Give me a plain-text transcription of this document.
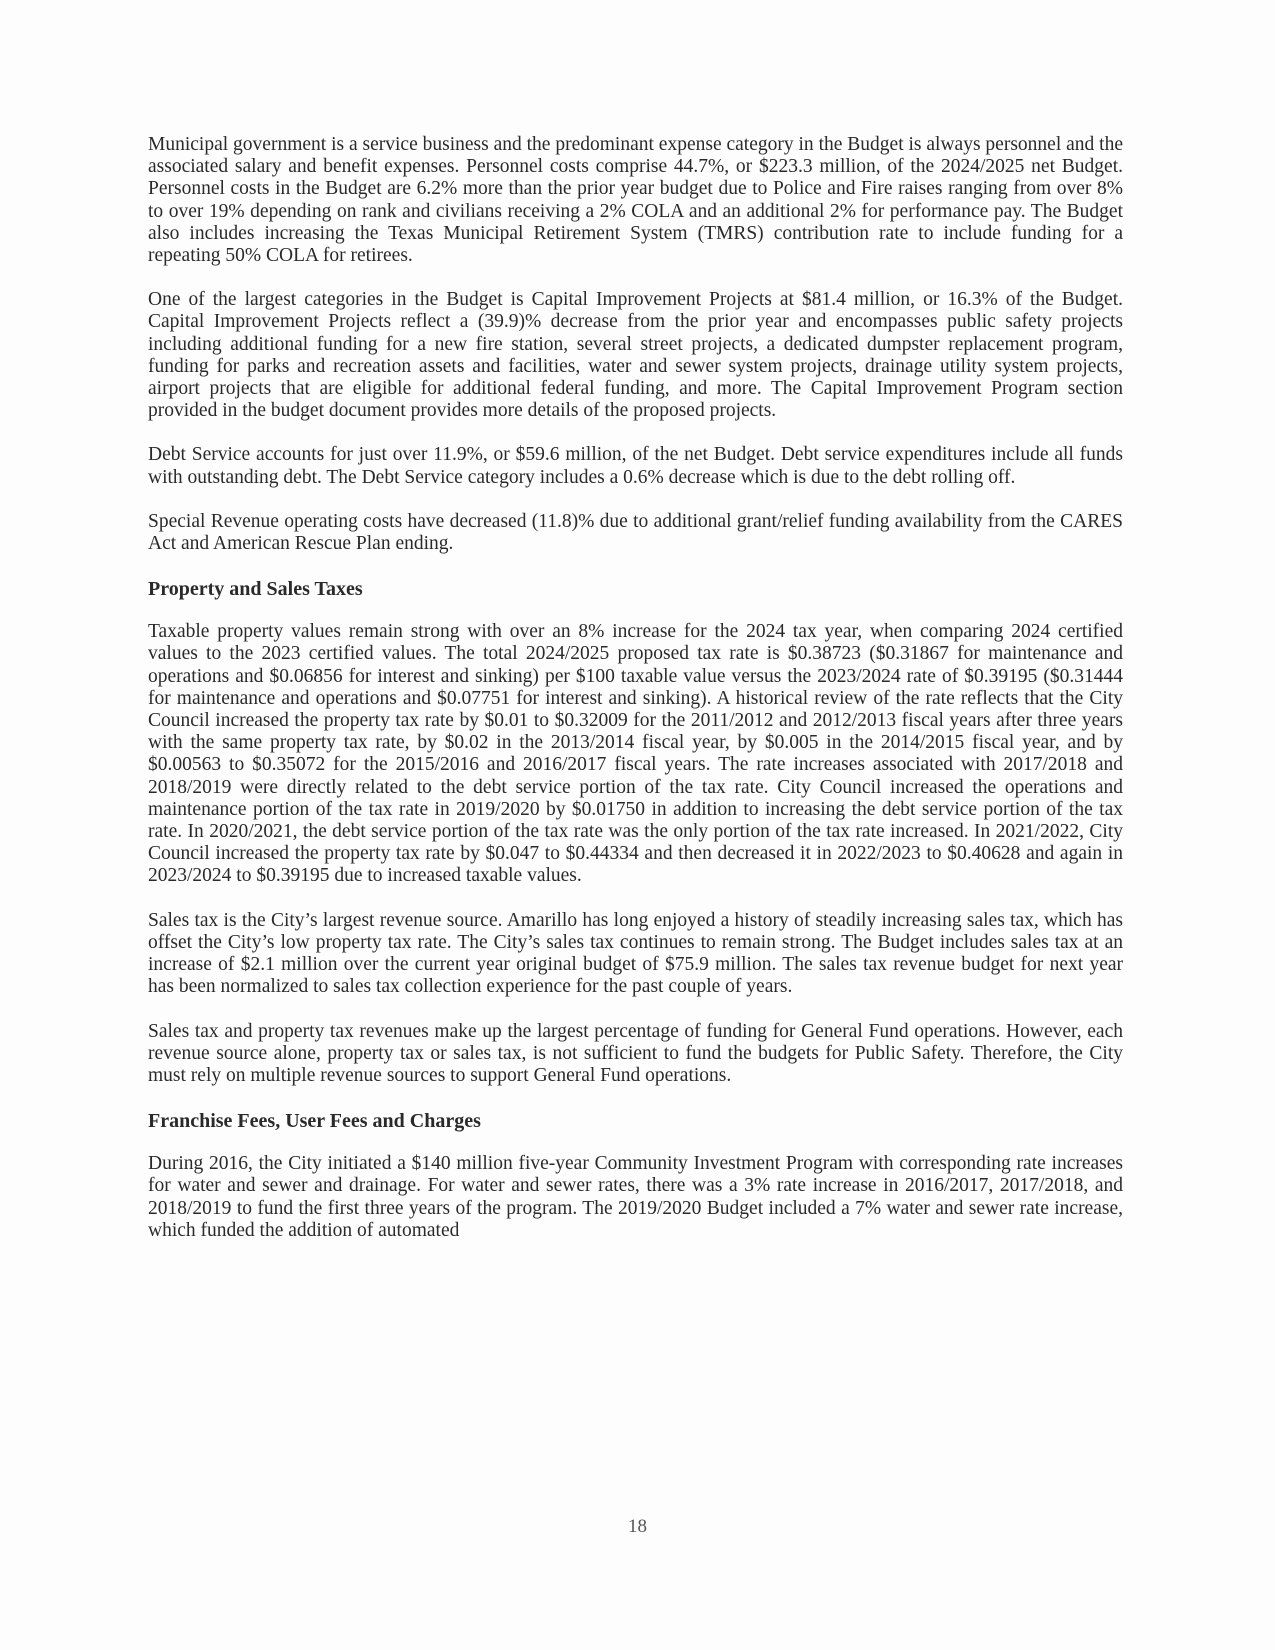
Municipal government is a service business and the predominant expense category in the Budget is always personnel and the associated salary and benefit expenses. Personnel costs comprise 44.7%, or $223.3 million, of the 2024/2025 net Budget. Personnel costs in the Budget are 6.2% more than the prior year budget due to Police and Fire raises ranging from over 8% to over 19% depending on rank and civilians receiving a 2% COLA and an additional 2% for performance pay. The Budget also includes increasing the Texas Municipal Retirement System (TMRS) contribution rate to include funding for a repeating 50% COLA for retirees.

One of the largest categories in the Budget is Capital Improvement Projects at $81.4 million, or 16.3% of the Budget. Capital Improvement Projects reflect a (39.9)% decrease from the prior year and encompasses public safety projects including additional funding for a new fire station, several street projects, a dedicated dumpster replacement program, funding for parks and recreation assets and facilities, water and sewer system projects, drainage utility system projects, airport projects that are eligible for additional federal funding, and more. The Capital Improvement Program section provided in the budget document provides more details of the proposed projects.

Debt Service accounts for just over 11.9%, or $59.6 million, of the net Budget. Debt service expenditures include all funds with outstanding debt. The Debt Service category includes a 0.6% decrease which is due to the debt rolling off.

Special Revenue operating costs have decreased (11.8)% due to additional grant/relief funding availability from the CARES Act and American Rescue Plan ending.

Property and Sales Taxes

Taxable property values remain strong with over an 8% increase for the 2024 tax year, when comparing 2024 certified values to the 2023 certified values. The total 2024/2025 proposed tax rate is $0.38723 ($0.31867 for maintenance and operations and $0.06856 for interest and sinking) per $100 taxable value versus the 2023/2024 rate of $0.39195 ($0.31444 for maintenance and operations and $0.07751 for interest and sinking). A historical review of the rate reflects that the City Council increased the property tax rate by $0.01 to $0.32009 for the 2011/2012 and 2012/2013 fiscal years after three years with the same property tax rate, by $0.02 in the 2013/2014 fiscal year, by $0.005 in the 2014/2015 fiscal year, and by $0.00563 to $0.35072 for the 2015/2016 and 2016/2017 fiscal years. The rate increases associated with 2017/2018 and 2018/2019 were directly related to the debt service portion of the tax rate. City Council increased the operations and maintenance portion of the tax rate in 2019/2020 by $0.01750 in addition to increasing the debt service portion of the tax rate. In 2020/2021, the debt service portion of the tax rate was the only portion of the tax rate increased. In 2021/2022, City Council increased the property tax rate by $0.047 to $0.44334 and then decreased it in 2022/2023 to $0.40628 and again in 2023/2024 to $0.39195 due to increased taxable values.

Sales tax is the City’s largest revenue source. Amarillo has long enjoyed a history of steadily increasing sales tax, which has offset the City’s low property tax rate. The City’s sales tax continues to remain strong. The Budget includes sales tax at an increase of $2.1 million over the current year original budget of $75.9 million. The sales tax revenue budget for next year has been normalized to sales tax collection experience for the past couple of years.

Sales tax and property tax revenues make up the largest percentage of funding for General Fund operations. However, each revenue source alone, property tax or sales tax, is not sufficient to fund the budgets for Public Safety. Therefore, the City must rely on multiple revenue sources to support General Fund operations.

Franchise Fees, User Fees and Charges

During 2016, the City initiated a $140 million five-year Community Investment Program with corresponding rate increases for water and sewer and drainage. For water and sewer rates, there was a 3% rate increase in 2016/2017, 2017/2018, and 2018/2019 to fund the first three years of the program. The 2019/2020 Budget included a 7% water and sewer rate increase, which funded the addition of automated

18
